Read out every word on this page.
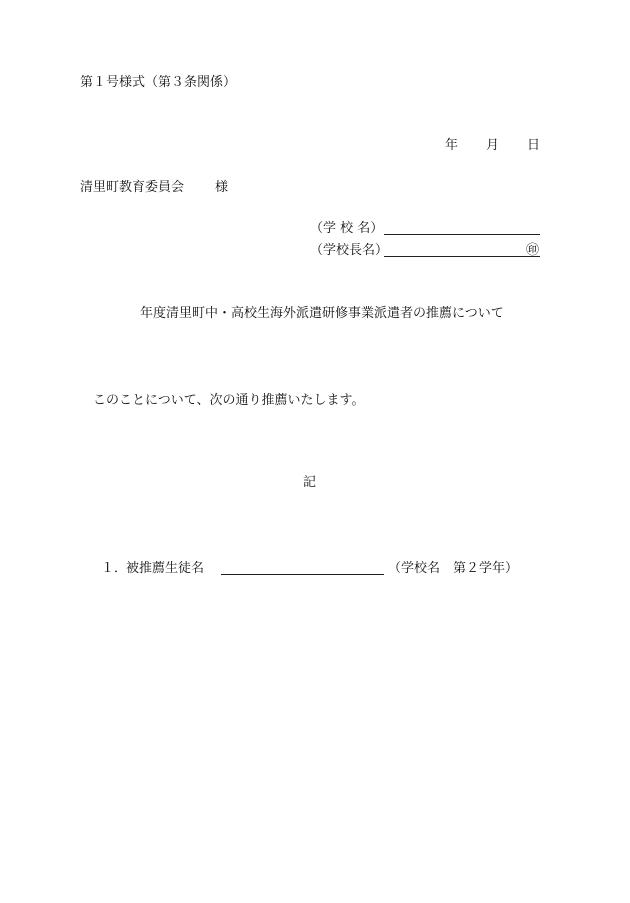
第１号様式（第３条関係）
年 月 日
清里町教育委員会 様
（学 校 名）
（学校長名）	㊞
年度清里町中・高校生海外派遣研修事業派遣者の推薦について
このことについて、次の通り推薦いたします。
記
１．
被推薦生徒名	（学校名　第２学年）
